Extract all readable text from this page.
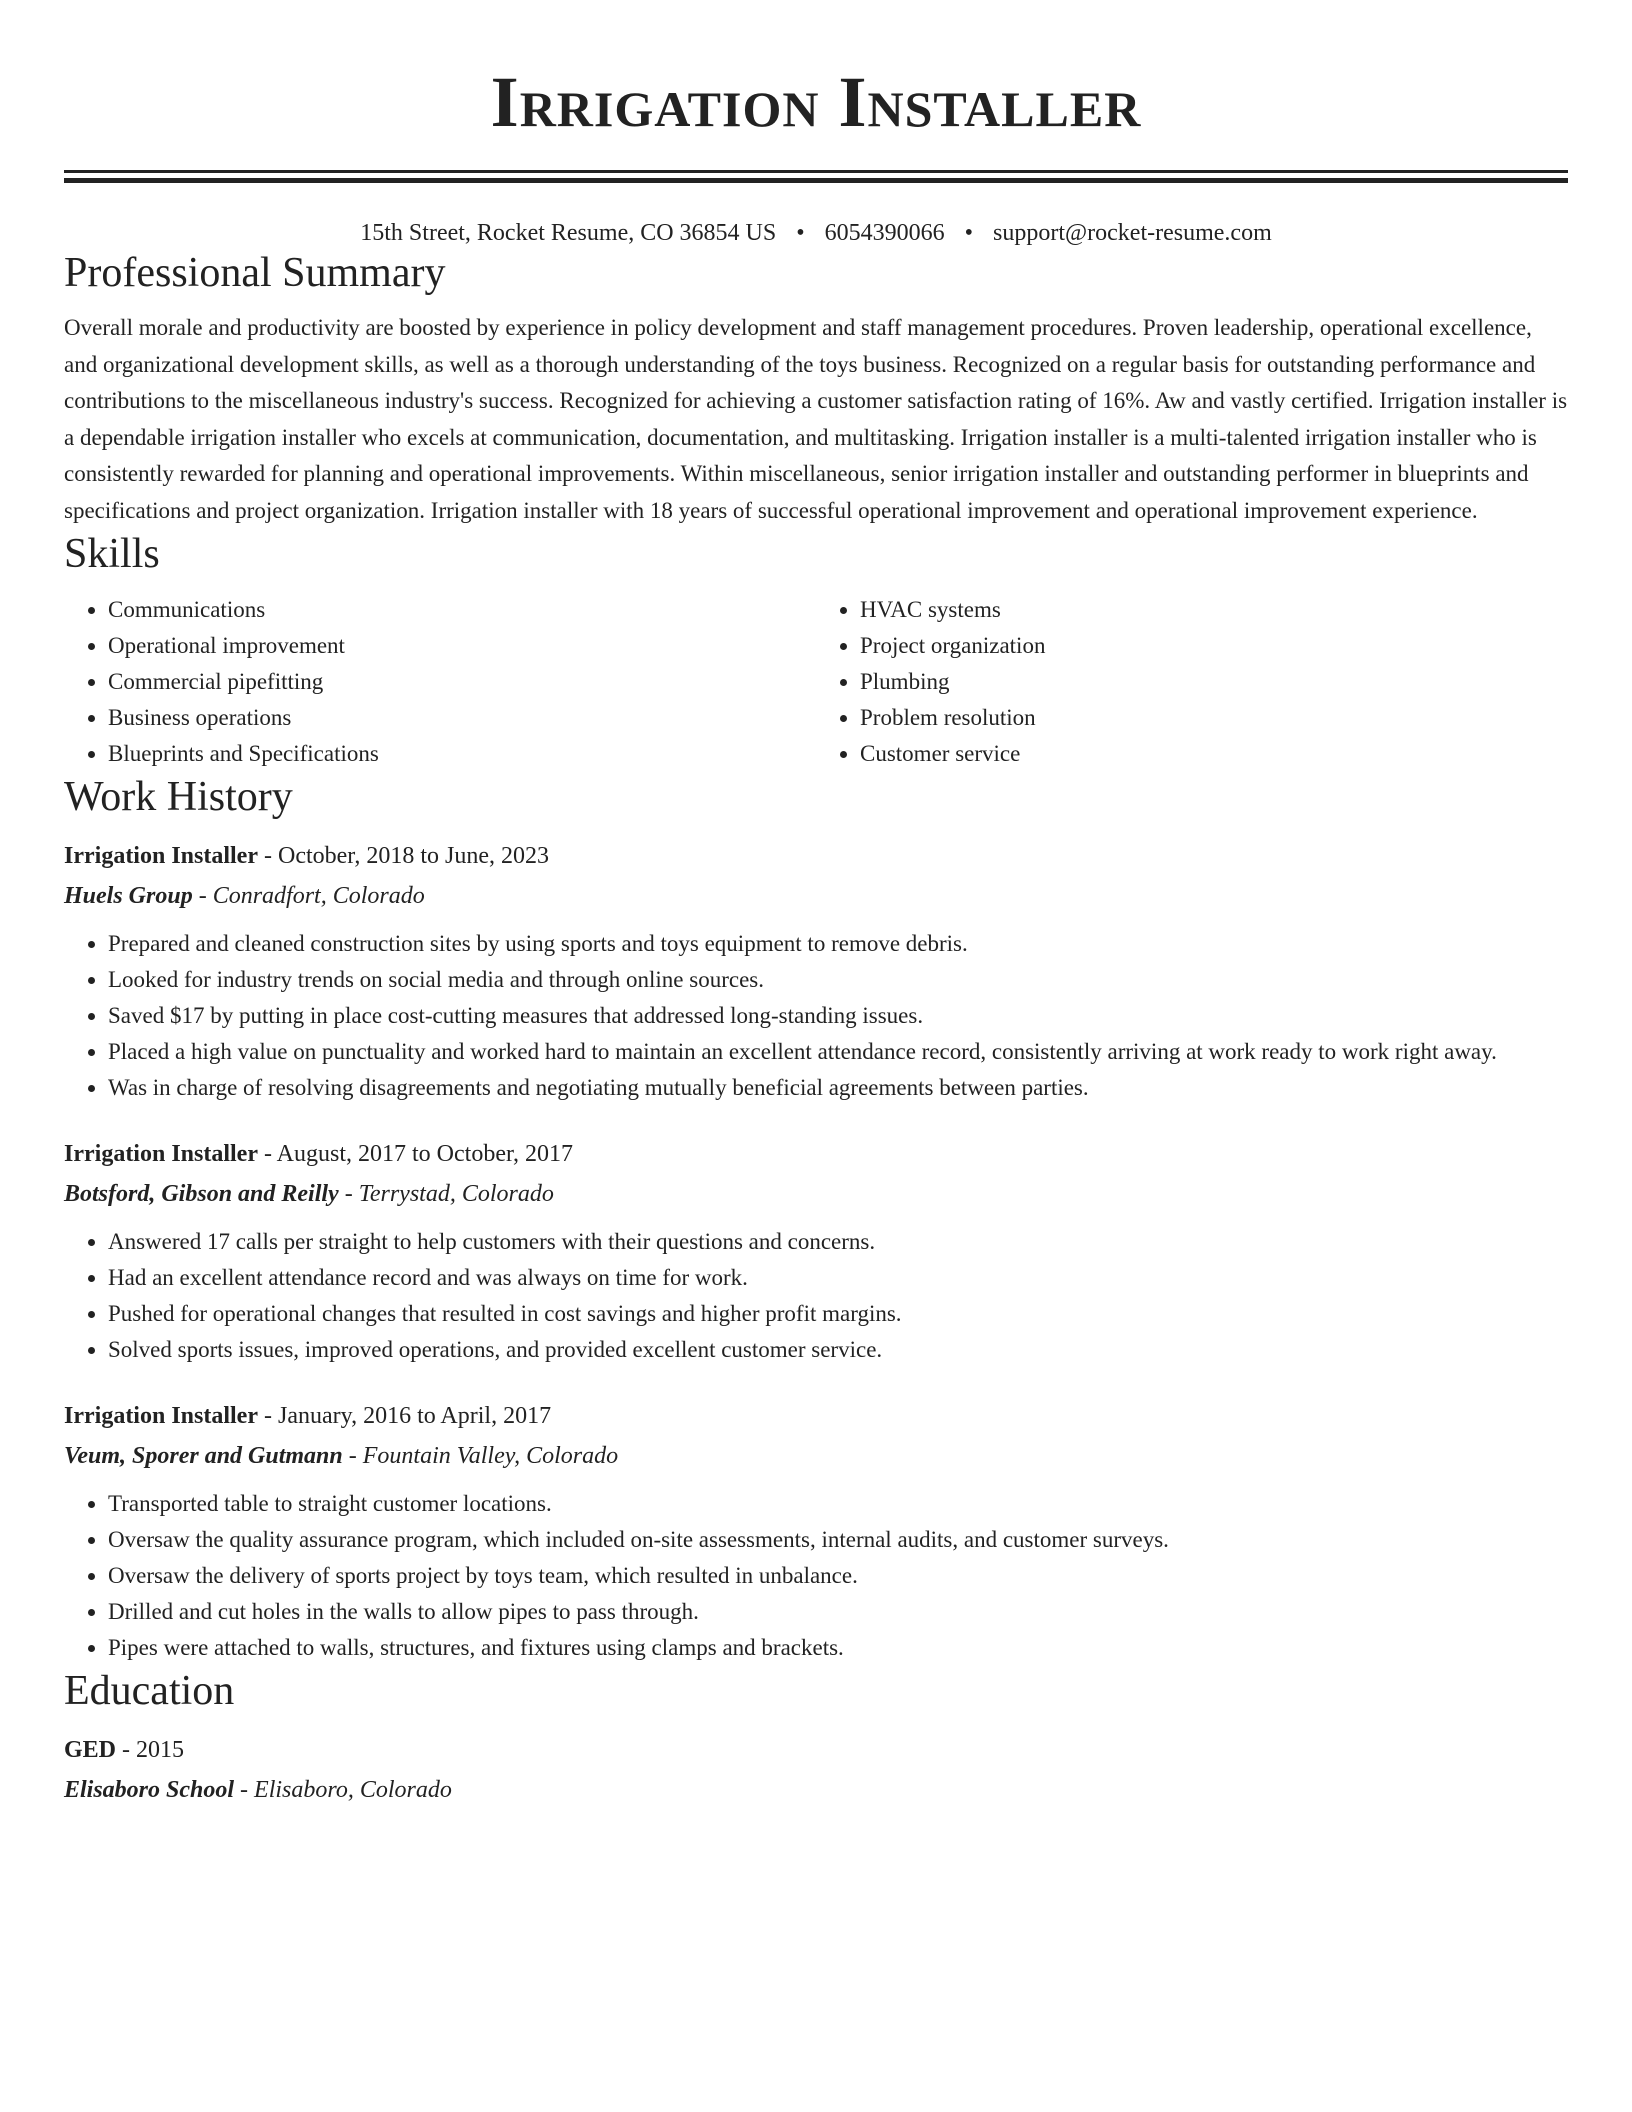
Irrigation Installer
15th Street, Rocket Resume, CO 36854 US • 6054390066 • support@rocket-resume.com
Professional Summary
Overall morale and productivity are boosted by experience in policy development and staff management procedures. Proven leadership, operational excellence, and organizational development skills, as well as a thorough understanding of the toys business. Recognized on a regular basis for outstanding performance and contributions to the miscellaneous industry's success. Recognized for achieving a customer satisfaction rating of 16%. Aw and vastly certified. Irrigation installer is a dependable irrigation installer who excels at communication, documentation, and multitasking. Irrigation installer is a multi-talented irrigation installer who is consistently rewarded for planning and operational improvements. Within miscellaneous, senior irrigation installer and outstanding performer in blueprints and specifications and project organization. Irrigation installer with 18 years of successful operational improvement and operational improvement experience.
Skills
• Communications
• Operational improvement
• Commercial pipefitting
• Business operations
• Blueprints and Specifications
• HVAC systems
• Project organization
• Plumbing
• Problem resolution
• Customer service
Work History
Irrigation Installer - October, 2018 to June, 2023
Huels Group - Conradfort, Colorado
• Prepared and cleaned construction sites by using sports and toys equipment to remove debris.
• Looked for industry trends on social media and through online sources.
• Saved $17 by putting in place cost-cutting measures that addressed long-standing issues.
• Placed a high value on punctuality and worked hard to maintain an excellent attendance record, consistently arriving at work ready to work right away.
• Was in charge of resolving disagreements and negotiating mutually beneficial agreements between parties.
Irrigation Installer - August, 2017 to October, 2017
Botsford, Gibson and Reilly - Terrystad, Colorado
• Answered 17 calls per straight to help customers with their questions and concerns.
• Had an excellent attendance record and was always on time for work.
• Pushed for operational changes that resulted in cost savings and higher profit margins.
• Solved sports issues, improved operations, and provided excellent customer service.
Irrigation Installer - January, 2016 to April, 2017
Veum, Sporer and Gutmann - Fountain Valley, Colorado
• Transported table to straight customer locations.
• Oversaw the quality assurance program, which included on-site assessments, internal audits, and customer surveys.
• Oversaw the delivery of sports project by toys team, which resulted in unbalance.
• Drilled and cut holes in the walls to allow pipes to pass through.
• Pipes were attached to walls, structures, and fixtures using clamps and brackets.
Education
GED - 2015
Elisaboro School - Elisaboro, Colorado
